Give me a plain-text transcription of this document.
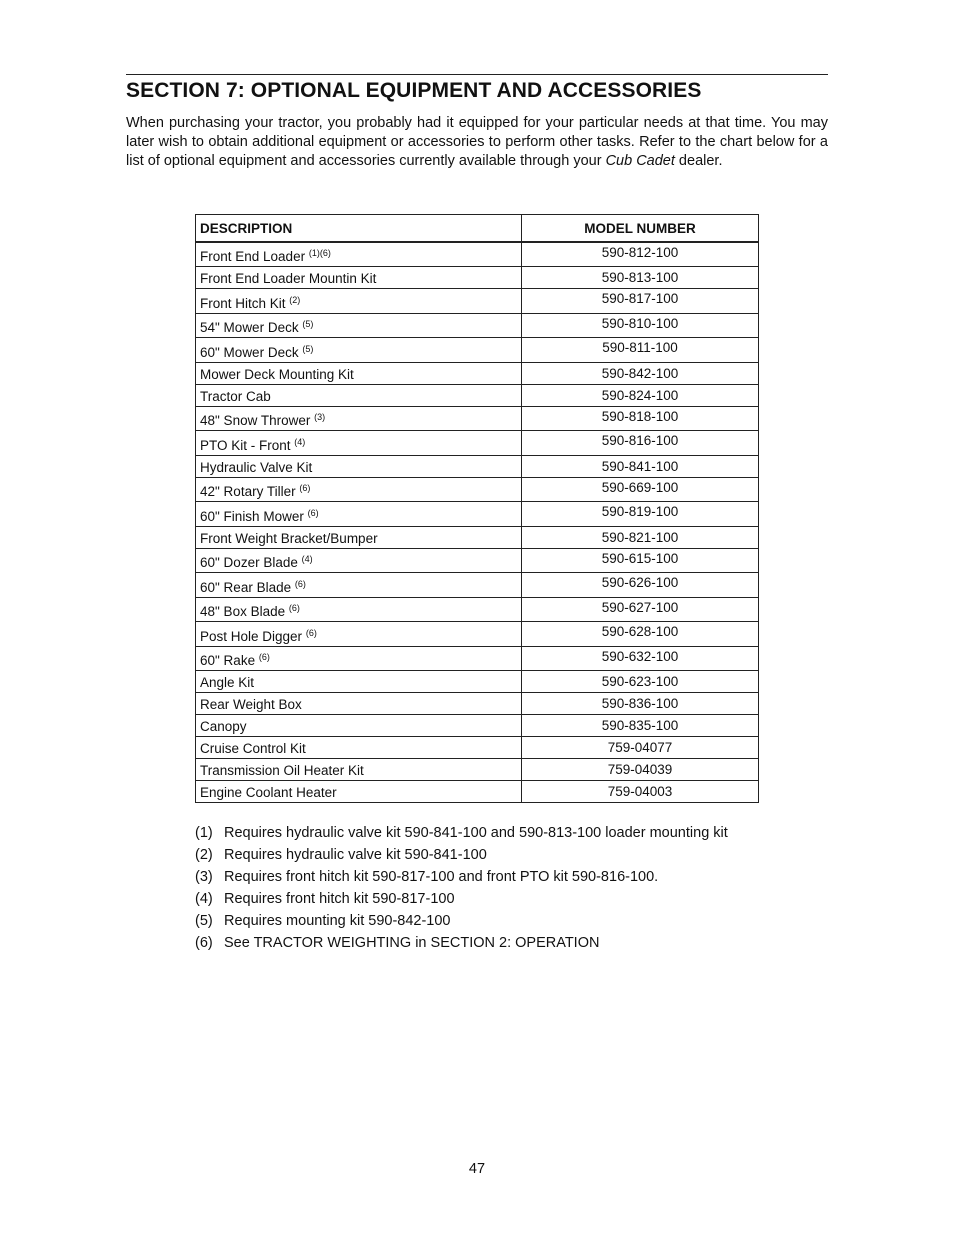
SECTION 7: OPTIONAL EQUIPMENT AND ACCESSORIES

When purchasing your tractor, you probably had it equipped for your particular needs at that time. You may later wish to obtain additional equipment or accessories to perform other tasks. Refer to the chart below for a list of optional equipment and accessories currently available through your Cub Cadet dealer.

DESCRIPTION	MODEL NUMBER
Front End Loader $^{(1)(6)}$	590-812-100
Front End Loader Mountin Kit	590-813-100
Front Hitch Kit $^{(2)}$	590-817-100
54" Mower Deck $^{(5)}$	590-810-100
60" Mower Deck $^{(5)}$	590-811-100
Mower Deck Mounting Kit	590-842-100
Tractor Cab	590-824-100
48" Snow Thrower $^{(3)}$	590-818-100
PTO Kit - Front $^{(4)}$	590-816-100
Hydraulic Valve Kit	590-841-100
42" Rotary Tiller $^{(6)}$	590-669-100
60" Finish Mower $^{(6)}$	590-819-100
Front Weight Bracket/Bumper	590-821-100
60" Dozer Blade $^{(4)}$	590-615-100
60" Rear Blade $^{(6)}$	590-626-100
48" Box Blade $^{(6)}$	590-627-100
Post Hole Digger $^{(6)}$	590-628-100
60" Rake $^{(6)}$	590-632-100
Angle Kit	590-623-100
Rear Weight Box	590-836-100
Canopy	590-835-100
Cruise Control Kit	759-04077
Transmission Oil Heater Kit	759-04039
Engine Coolant Heater	759-04003
(1) Requires hydraulic valve kit 590-841-100 and 590-813-100 loader mounting kit
(2) Requires hydraulic valve kit 590-841-100
(3) Requires front hitch kit 590-817-100 and front PTO kit 590-816-100.
(4) Requires front hitch kit 590-817-100
(5) Requires mounting kit 590-842-100
(6) See TRACTOR WEIGHTING in SECTION 2: OPERATION
47
